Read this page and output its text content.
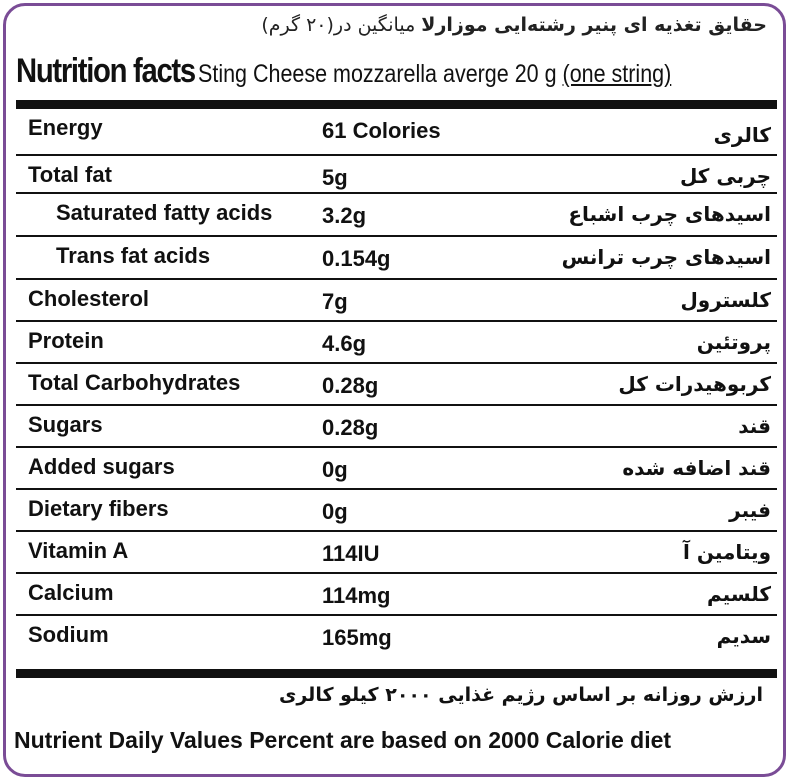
حقایق تغذیه ای پنیر رشته‌ایی موزارلا میانگین در(۲۰ گرم)
Nutrition facts Sting Cheese mozzarella averge 20 g (one string)
Energy	61 Colories	کالری
Total fat	5g	چربی کل
Saturated fatty acids 3.2g	اسیدهای چرب اشباع
Trans fat acids	0.154g	اسیدهای چرب ترانس
Cholesterol	7g	کلسترول
Protein	4.6g	پروتئین
Total Carbohydrates	0.28g	کربوهیدرات کل
Sugars	0.28g	قند
Added sugars	0g	قند اضافه شده
Dietary fibers	0g	فیبر
Vitamin A	114IU	ویتامین آ
Calcium	114mg	کلسیم
Sodium	165mg	سدیم
ارزش روزانه بر اساس رژیم غذایی ۲۰۰۰ کیلو کالری
Nutrient Daily Values Percent are based on 2000 Calorie diet
